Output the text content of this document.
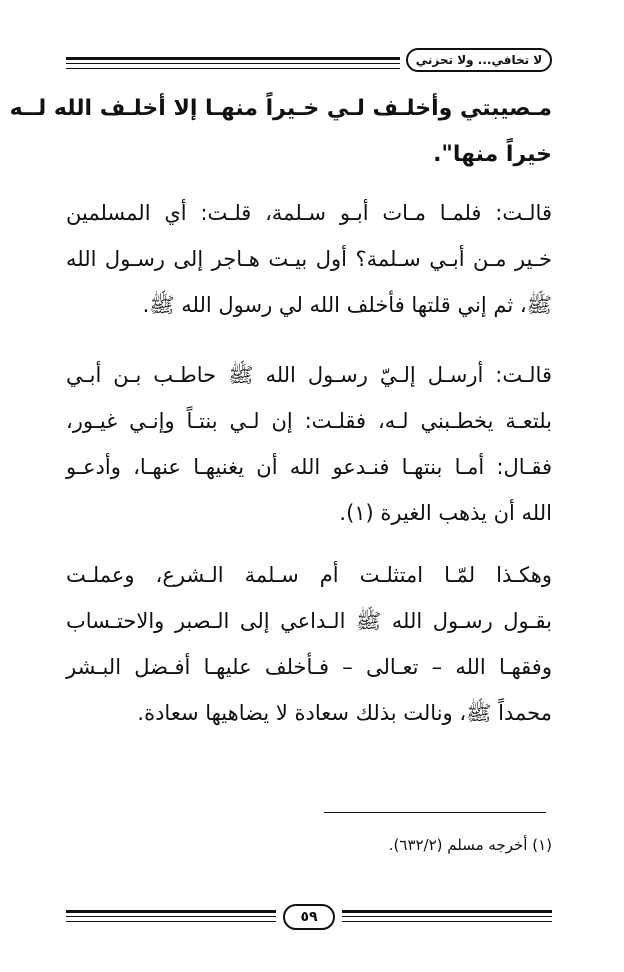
لا تخافي... ولا تحزني
مـصيبتي وأخلـف لـي خـيراً منهـا إلا أخلـف الله لــه
خيراً منها".
قالـت: فلمـا مـات أبـو سـلمة، قلـت: أي المسلمين
خـير مـن أبـي سـلمة؟ أول بيـت هـاجر إلى رسـول الله
ﷺ، ثم إني قلتها فأخلف الله لي رسول الله ﷺ.
قالـت: أرسـل إلـيّ رسـول الله ﷺ حاطـب بـن أبـي
بلتعـة يخطـبني لـه، فقلـت: إن لـي بنتـاً وإنـي غيـور،
فقـال: أمـا بنتهـا فنـدعو الله أن يغنيهـا عنهـا، وأدعـو
الله أن يذهب الغيرة (١).
وهكـذا لمّـا امتثلـت أم سـلمة الـشرع، وعملـت
بقـول رسـول الله ﷺ الـداعي إلى الـصبر والاحتـساب
وفقهـا الله – تعـالى – فـأخلف عليهـا أفـضل البـشر
محمداً ﷺ، ونالت بذلك سعادة لا يضاهيها سعادة.
(١) أخرجه مسلم (٦٣٢/٢).
٥٩
